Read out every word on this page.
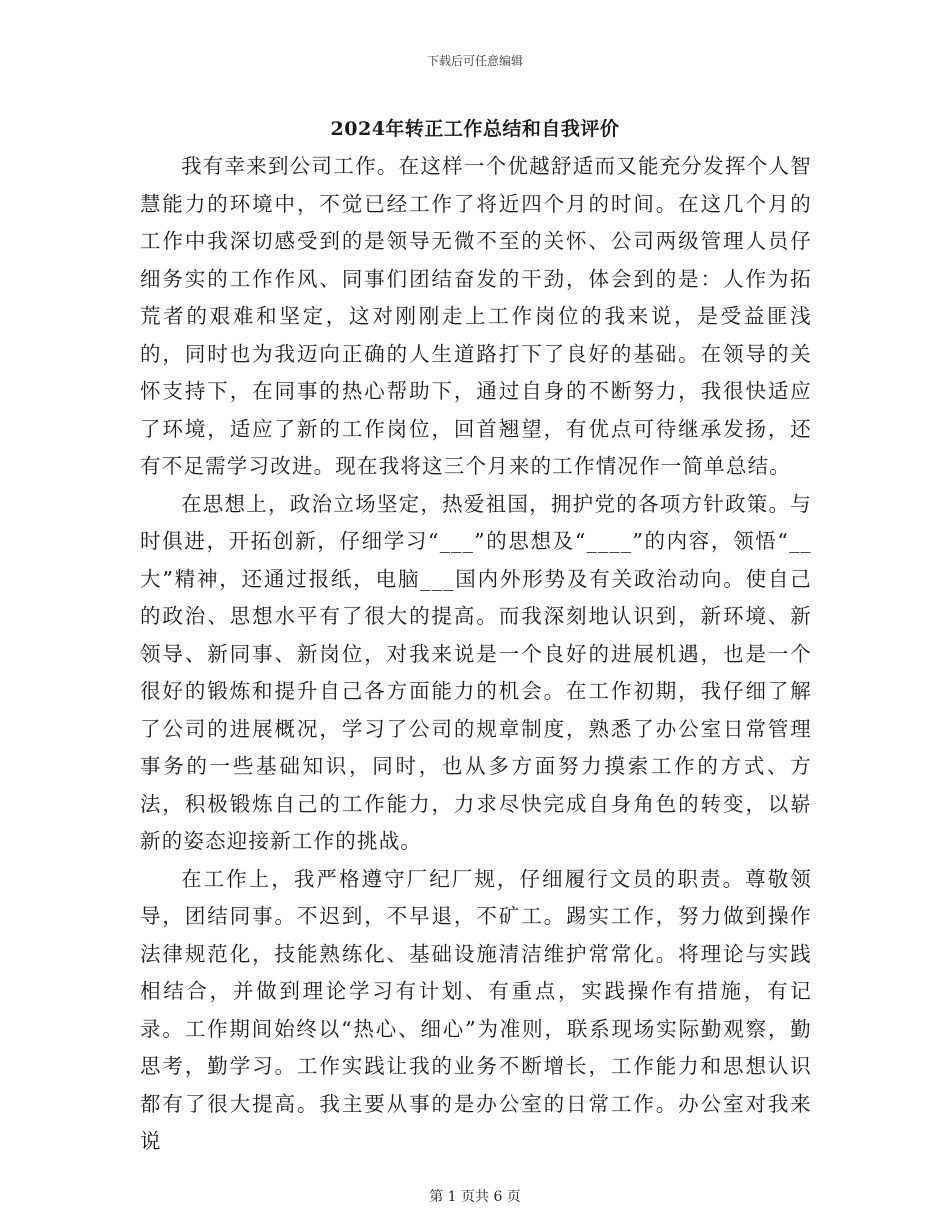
下载后可任意编辑
2024年转正工作总结和自我评价

我有幸来到公司工作。在这样一个优越舒适而又能充分发挥个人智慧能力的环境中，不觉已经工作了将近四个月的时间。在这几个月的工作中我深切感受到的是领导无微不至的关怀、公司两级管理人员仔细务实的工作作风、同事们团结奋发的干劲，体会到的是：人作为拓荒者的艰难和坚定，这对刚刚走上工作岗位的我来说，是受益匪浅的，同时也为我迈向正确的人生道路打下了良好的基础。在领导的关怀支持下，在同事的热心帮助下，通过自身的不断努力，我很快适应了环境，适应了新的工作岗位，回首翘望，有优点可待继承发扬，还有不足需学习改进。现在我将这三个月来的工作情况作一简单总结。

在思想上，政治立场坚定，热爱祖国，拥护党的各项方针政策。与时俱进，开拓创新，仔细学习“___”的思想及“____”的内容，领悟“__大”精神，还通过报纸，电脑___国内外形势及有关政治动向。使自己的政治、思想水平有了很大的提高。而我深刻地认识到，新环境、新领导、新同事、新岗位，对我来说是一个良好的进展机遇，也是一个很好的锻炼和提升自己各方面能力的机会。在工作初期，我仔细了解了公司的进展概况，学习了公司的规章制度，熟悉了办公室日常管理事务的一些基础知识，同时，也从多方面努力摸索工作的方式、方法，积极锻炼自己的工作能力，力求尽快完成自身角色的转变，以崭新的姿态迎接新工作的挑战。

在工作上，我严格遵守厂纪厂规，仔细履行文员的职责。尊敬领导，团结同事。不迟到，不早退，不矿工。踢实工作，努力做到操作法律规范化，技能熟练化、基础设施清洁维护常常化。将理论与实践相结合，并做到理论学习有计划、有重点，实践操作有措施，有记录。工作期间始终以“热心、细心”为准则，联系现场实际勤观察，勤思考，勤学习。工作实践让我的业务不断增长，工作能力和思想认识都有了很大提高。我主要从事的是办公室的日常工作。办公室对我来说

第 1 页共 6 页
